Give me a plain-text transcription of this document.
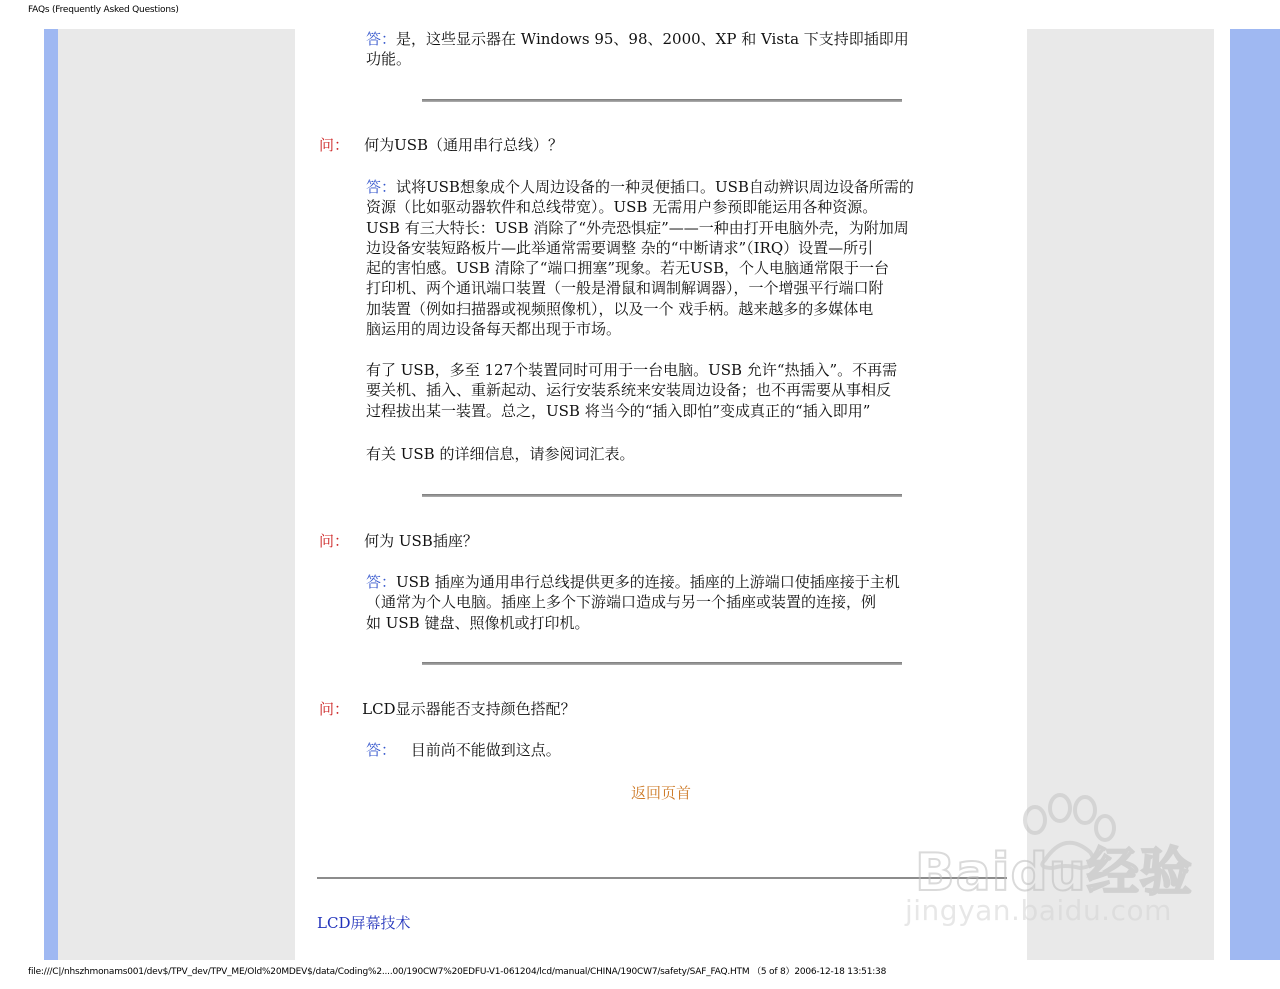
FAQs (Frequently Asked Questions)
答：是，这些显示器在 Windows 95、98、2000、XP 和 Vista 下支持即插即用
功能。
问： 何为USB（通用串行总线）？
答：试将USB想象成个人周边设备的一种灵便插口。USB自动辨识周边设备所需的
资源（比如驱动器软件和总线带宽）。USB 无需用户参预即能运用各种资源。
USB 有三大特长：USB 消除了“外壳恐惧症”——一种由打开电脑外壳，为附加周
边设备安装短路板片—此举通常需要调整 杂的“中断请求”（IRQ）设置—所引
起的害怕感。USB 清除了“端口拥塞”现象。若无USB，个人电脑通常限于一台
打印机、两个通讯端口装置（一般是滑鼠和调制解调器），一个增强平行端口附
加装置（例如扫描器或视频照像机），以及一个 戏手柄。越来越多的多媒体电
脑运用的周边设备每天都出现于市场。
有了 USB，多至 127个装置同时可用于一台电脑。USB 允许“热插入”。不再需
要关机、插入、重新起动、运行安装系统来安装周边设备；也不再需要从事相反
过程拔出某一装置。总之，USB 将当今的“插入即怕”变成真正的“插入即用”
有关 USB 的详细信息，请参阅词汇表。
问： 何为 USB插座？
答：USB 插座为通用串行总线提供更多的连接。插座的上游端口使插座接于主机
（通常为个人电脑。插座上多个下游端口造成与另一个插座或装置的连接，例
如 USB 键盘、照像机或打印机。
问： LCD显示器能否支持颜色搭配？
答： 目前尚不能做到这点。
返回页首
LCD屏幕技术
Baidu经验
jingyan.baidu.com
file:///C|/nhszhmonams001/dev$/TPV_dev/TPV_ME/Old%20MDEV$/data/Coding%2....00/190CW7%20EDFU-V1-061204/lcd/manual/CHINA/190CW7/safety/SAF_FAQ.HTM （5 of 8）2006-12-18 13:51:38
